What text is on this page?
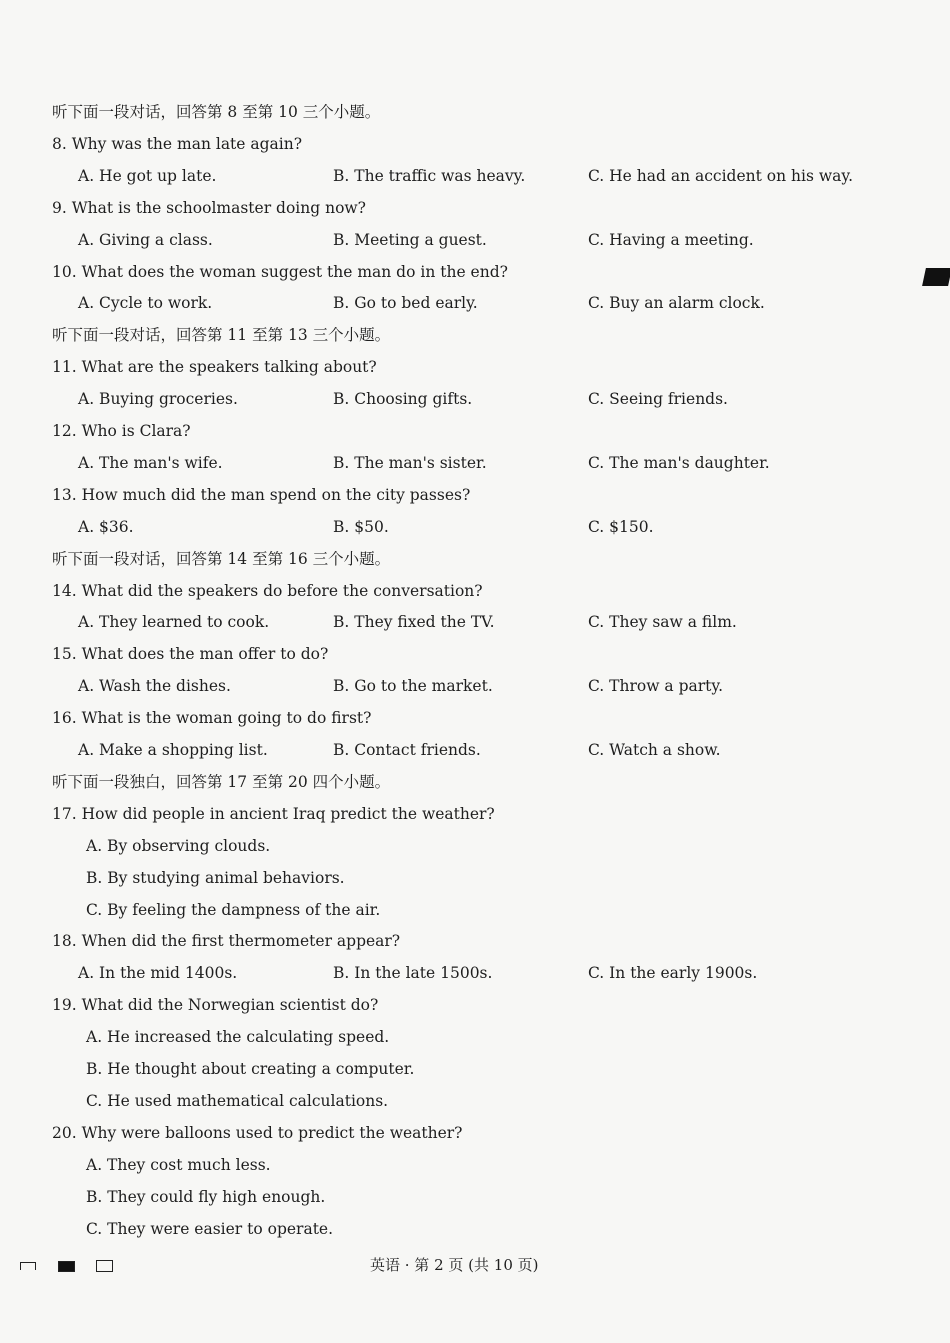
听下面一段对话，回答第 8 至第 10 三个小题。
8. Why was the man late again?
A. He got up late.	B. The traffic was heavy.	C. He had an accident on his way.
9. What is the schoolmaster doing now?
A. Giving a class.	B. Meeting a guest.	C. Having a meeting.
10. What does the woman suggest the man do in the end?
A. Cycle to work.	B. Go to bed early.	C. Buy an alarm clock.
听下面一段对话，回答第 11 至第 13 三个小题。
11. What are the speakers talking about?
A. Buying groceries.	B. Choosing gifts.	C. Seeing friends.
12. Who is Clara?
A. The man's wife.	B. The man's sister.	C. The man's daughter.
13. How much did the man spend on the city passes?
A. $36.	B. $50.	C. $150.
听下面一段对话，回答第 14 至第 16 三个小题。
14. What did the speakers do before the conversation?
A. They learned to cook.	B. They fixed the TV.	C. They saw a film.
15. What does the man offer to do?
A. Wash the dishes.	B. Go to the market.	C. Throw a party.
16. What is the woman going to do first?
A. Make a shopping list.	B. Contact friends.	C. Watch a show.
听下面一段独白，回答第 17 至第 20 四个小题。
17. How did people in ancient Iraq predict the weather?
A. By observing clouds.
B. By studying animal behaviors.
C. By feeling the dampness of the air.
18. When did the first thermometer appear?
A. In the mid 1400s.	B. In the late 1500s.	C. In the early 1900s.
19. What did the Norwegian scientist do?
A. He increased the calculating speed.
B. He thought about creating a computer.
C. He used mathematical calculations.
20. Why were balloons used to predict the weather?
A. They cost much less.
B. They could fly high enough.
C. They were easier to operate.
英语 · 第 2 页 (共 10 页)
